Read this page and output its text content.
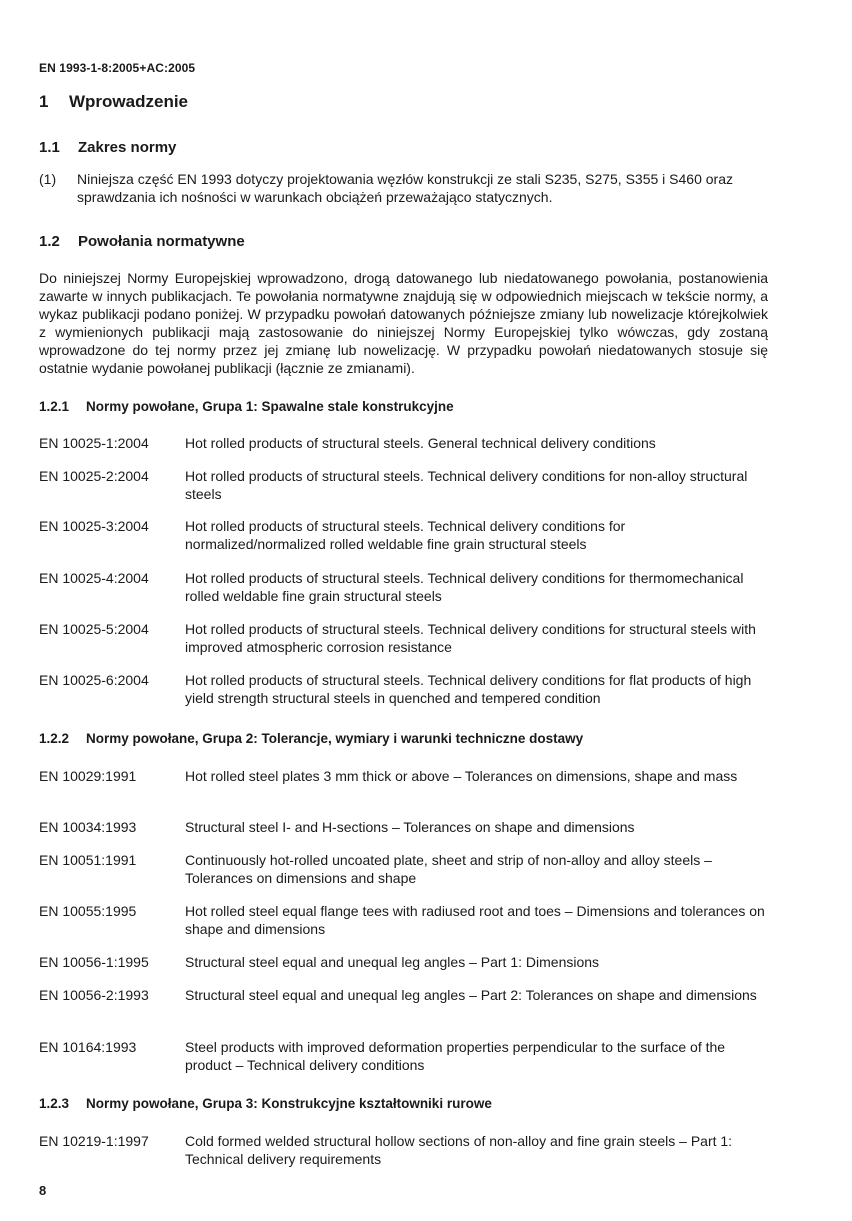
EN 1993-1-8:2005+AC:2005
1 Wprowadzenie
1.1 Zakres normy
(1) Niniejsza część EN 1993 dotyczy projektowania węzłów konstrukcji ze stali S235, S275, S355 i S460 oraz sprawdzania ich nośności w warunkach obciążeń przeważająco statycznych.
1.2 Powołania normatywne
Do niniejszej Normy Europejskiej wprowadzono, drogą datowanego lub niedatowanego powołania, postanowienia zawarte w innych publikacjach. Te powołania normatywne znajdują się w odpowiednich miejscach w tekście normy, a wykaz publikacji podano poniżej. W przypadku powołań datowanych późniejsze zmiany lub nowelizacje którejkolwiek z wymienionych publikacji mają zastosowanie do niniejszej Normy Europejskiej tylko wówczas, gdy zostaną wprowadzone do tej normy przez jej zmianę lub nowelizację. W przypadku powołań niedatowanych stosuje się ostatnie wydanie powołanej publikacji (łącznie ze zmianami).
1.2.1 Normy powołane, Grupa 1: Spawalne stale konstrukcyjne
EN 10025-1:2004	Hot rolled products of structural steels. General technical delivery conditions
EN 10025-2:2004	Hot rolled products of structural steels. Technical delivery conditions for non-alloy structural steels
EN 10025-3:2004	Hot rolled products of structural steels. Technical delivery conditions for normalized/normalized rolled weldable fine grain structural steels
EN 10025-4:2004	Hot rolled products of structural steels. Technical delivery conditions for thermomechanical rolled weldable fine grain structural steels
EN 10025-5:2004	Hot rolled products of structural steels. Technical delivery conditions for structural steels with improved atmospheric corrosion resistance
EN 10025-6:2004	Hot rolled products of structural steels. Technical delivery conditions for flat products of high yield strength structural steels in quenched and tempered condition
1.2.2 Normy powołane, Grupa 2: Tolerancje, wymiary i warunki techniczne dostawy
EN 10029:1991	Hot rolled steel plates 3 mm thick or above – Tolerances on dimensions, shape and mass
EN 10034:1993	Structural steel I- and H-sections – Tolerances on shape and dimensions
EN 10051:1991	Continuously hot-rolled uncoated plate, sheet and strip of non-alloy and alloy steels – Tolerances on dimensions and shape
EN 10055:1995	Hot rolled steel equal flange tees with radiused root and toes – Dimensions and tolerances on shape and dimensions
EN 10056-1:1995	Structural steel equal and unequal leg angles – Part 1: Dimensions
EN 10056-2:1993	Structural steel equal and unequal leg angles – Part 2: Tolerances on shape and dimensions
EN 10164:1993	Steel products with improved deformation properties perpendicular to the surface of the product – Technical delivery conditions
1.2.3 Normy powołane, Grupa 3: Konstrukcyjne kształtowniki rurowe
EN 10219-1:1997	Cold formed welded structural hollow sections of non-alloy and fine grain steels – Part 1: Technical delivery requirements
8
